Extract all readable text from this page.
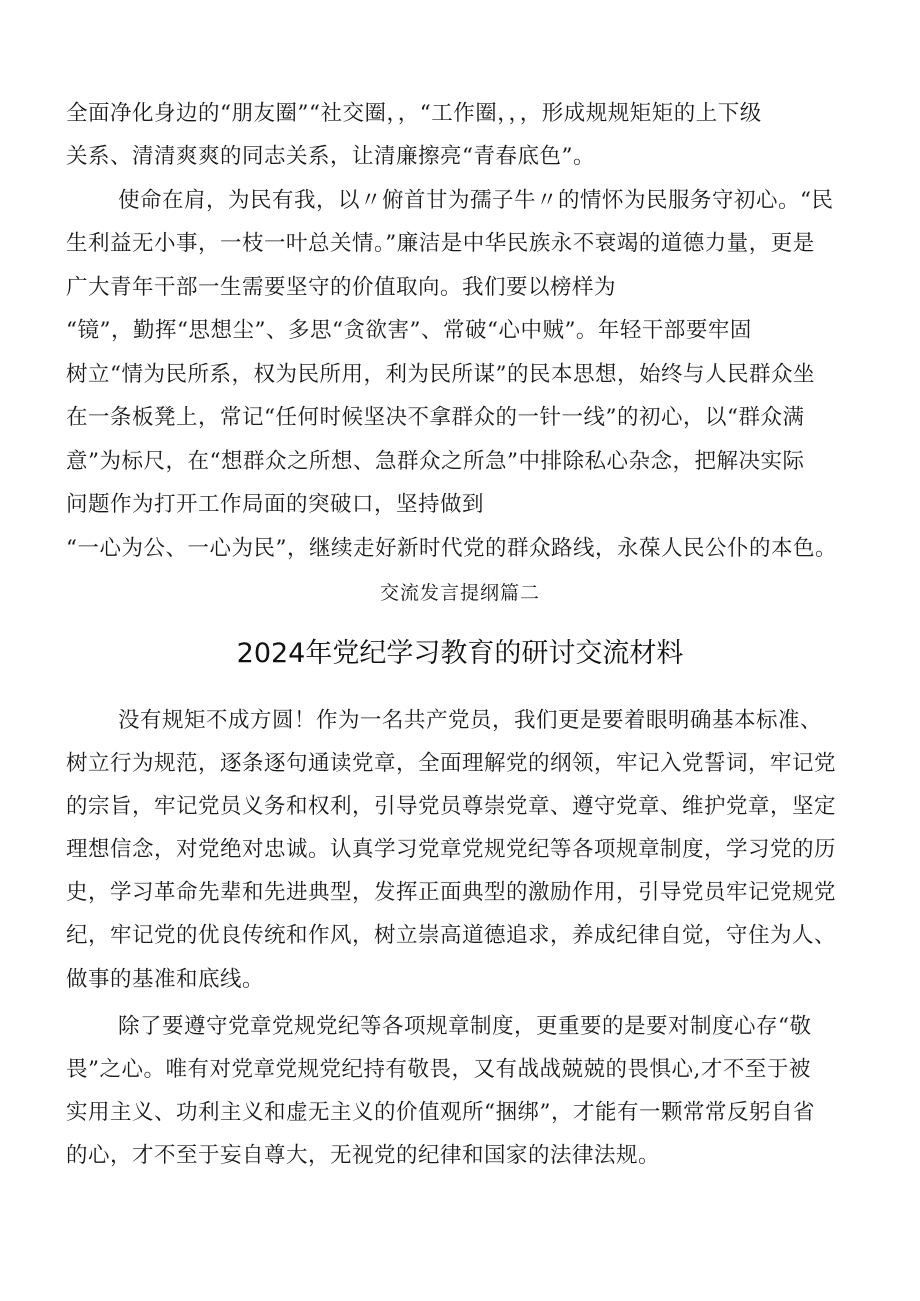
全面净化身边的“朋友圈”“社交圈，，“工作圈，，，形成规规矩矩的上下级
关系、清清爽爽的同志关系，让清廉擦亮“青春底色”。
使命在肩，为民有我，以〃俯首甘为孺子牛〃的情怀为民服务守初心。“民
生利益无小事，一枝一叶总关情。”廉洁是中华民族永不衰竭的道德力量，更是
广大青年干部一生需要坚守的价值取向。我们要以榜样为
“镜”，勤挥“思想尘”、多思“贪欲害”、常破“心中贼”。年轻干部要牢固
树立“情为民所系，权为民所用，利为民所谋”的民本思想，始终与人民群众坐
在一条板凳上，常记“任何时候坚决不拿群众的一针一线”的初心，以“群众满
意”为标尺，在“想群众之所想、急群众之所急”中排除私心杂念，把解决实际
问题作为打开工作局面的突破口，坚持做到
“一心为公、一心为民”，继续走好新时代党的群众路线，永葆人民公仆的本色。
交流发言提纲篇二
2024年党纪学习教育的研讨交流材料
没有规矩不成方圆！作为一名共产党员，我们更是要着眼明确基本标准、
树立行为规范，逐条逐句通读党章，全面理解党的纲领，牢记入党誓词，牢记党
的宗旨，牢记党员义务和权利，引导党员尊崇党章、遵守党章、维护党章，坚定
理想信念，对党绝对忠诚。认真学习党章党规党纪等各项规章制度，学习党的历
史，学习革命先辈和先进典型，发挥正面典型的激励作用，引导党员牢记党规党
纪，牢记党的优良传统和作风，树立崇高道德追求，养成纪律自觉，守住为人、
做事的基准和底线。
除了要遵守党章党规党纪等各项规章制度，更重要的是要对制度心存“敬
畏”之心。唯有对党章党规党纪持有敬畏，又有战战兢兢的畏惧心,才不至于被
实用主义、功利主义和虚无主义的价值观所“捆绑”，才能有一颗常常反躬自省
的心，才不至于妄自尊大，无视党的纪律和国家的法律法规。
